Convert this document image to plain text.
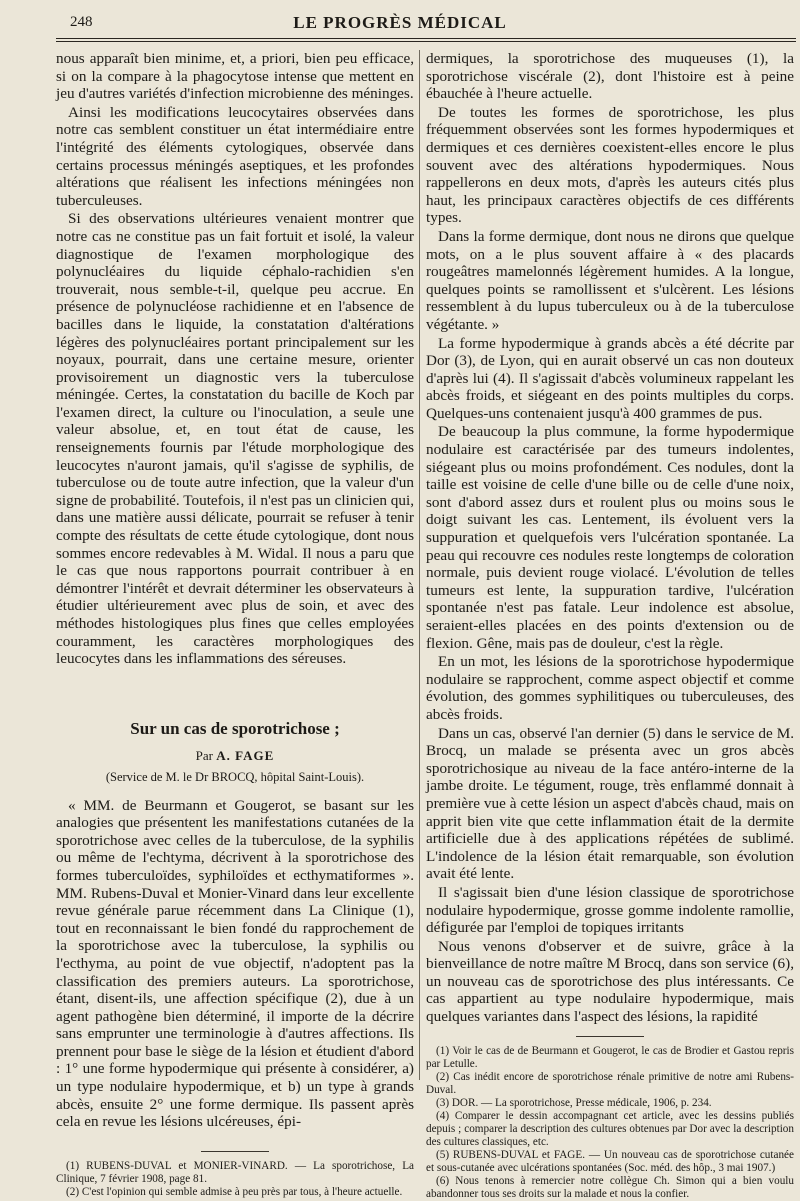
248	LE PROGRÈS MÉDICAL

nous apparaît bien minime, et, a priori, bien peu efficace, si on la compare à la phagocytose intense que mettent en jeu d'autres variétés d'infection microbienne des méninges.

Ainsi les modifications leucocytaires observées dans notre cas semblent constituer un état intermédiaire entre l'intégrité des éléments cytologiques, observée dans certains processus méningés aseptiques, et les profondes altérations que réalisent les infections méningées non tuberculeuses.

Si des observations ultérieures venaient montrer que notre cas ne constitue pas un fait fortuit et isolé, la valeur diagnostique de l'examen morphologique des polynucléaires du liquide céphalo-rachidien s'en trouverait, nous semble-t-il, quelque peu accrue. En présence de polynucléose rachidienne et en l'absence de bacilles dans le liquide, la constatation d'altérations légères des polynucléaires portant principalement sur les noyaux, pourrait, dans une certaine mesure, orienter provisoirement un diagnostic vers la tuberculose méningée. Certes, la constatation du bacille de Koch par l'examen direct, la culture ou l'inoculation, a seule une valeur absolue, et, en tout état de cause, les renseignements fournis par l'étude morphologique des leucocytes n'auront jamais, qu'il s'agisse de syphilis, de tuberculose ou de toute autre infection, que la valeur d'un signe de probabilité. Toutefois, il n'est pas un clinicien qui, dans une matière aussi délicate, pourrait se refuser à tenir compte des résultats de cette étude cytologique, dont nous sommes encore redevables à M. Widal. Il nous a paru que le cas que nous rapportons pourrait contribuer à en démontrer l'intérêt et devrait déterminer les observateurs à étudier ultérieurement avec plus de soin, et avec des méthodes histologiques plus fines que celles employées couramment, les caractères morphologiques des leucocytes dans les inflammations des séreuses.

Sur un cas de sporotrichose ;
Par A. FAGE
(Service de M. le Dr BROCQ, hôpital Saint-Louis).

« MM. de Beurmann et Gougerot, se basant sur les analogies que présentent les manifestations cutanées de la sporotrichose avec celles de la tuberculose, de la syphilis ou même de l'echtyma, décrivent à la sporotrichose des formes tuberculoïdes, syphiloïdes et ecthymatiformes ». MM. Rubens-Duval et Monier-Vinard dans leur excellente revue générale parue récemment dans La Clinique (1), tout en reconnaissant le bien fondé du rapprochement de la sporotrichose avec la tuberculose, la syphilis ou l'ecthyma, au point de vue objectif, n'adoptent pas la classification des premiers auteurs. La sporotrichose, étant, disent-ils, une affection spécifique (2), due à un agent pathogène bien déterminé, il importe de la décrire sans emprunter une terminologie à d'autres affections. Ils prennent pour base le siège de la lésion et étudient d'abord : 1° une forme hypodermique qui présente à considérer, a) un type nodulaire hypodermique, et b) un type à grands abcès, ensuite 2° une forme dermique. Ils passent après cela en revue les lésions ulcéreuses, épi-

(1) RUBENS-DUVAL et MONIER-VINARD. — La sporotrichose, La Clinique, 7 février 1908, page 81.

(2) C'est l'opinion qui semble admise à peu près par tous, à l'heure actuelle.

dermiques, la sporotrichose des muqueuses (1), la sporotrichose viscérale (2), dont l'histoire est à peine ébauchée à l'heure actuelle.

De toutes les formes de sporotrichose, les plus fréquemment observées sont les formes hypodermiques et dermiques et ces dernières coexistent-elles encore le plus souvent avec des altérations hypodermiques. Nous rappellerons en deux mots, d'après les auteurs cités plus haut, les principaux caractères objectifs de ces différents types.

Dans la forme dermique, dont nous ne dirons que quelque mots, on a le plus souvent affaire à « des placards rougeâtres mamelonnés légèrement humides. A la longue, quelques points se ramollissent et s'ulcèrent. Les lésions ressemblent à du lupus tuberculeux ou à de la tuberculose végétante. »

La forme hypodermique à grands abcès a été décrite par Dor (3), de Lyon, qui en aurait observé un cas non douteux d'après lui (4). Il s'agissait d'abcès volumineux rappelant les abcès froids, et siégeant en des points multiples du corps. Quelques-uns contenaient jusqu'à 400 grammes de pus.

De beaucoup la plus commune, la forme hypodermique nodulaire est caractérisée par des tumeurs indolentes, siégeant plus ou moins profondément. Ces nodules, dont la taille est voisine de celle d'une bille ou de celle d'une noix, sont d'abord assez durs et roulent plus ou moins sous le doigt suivant les cas. Lentement, ils évoluent vers la suppuration et quelquefois vers l'ulcération spontanée. La peau qui recouvre ces nodules reste longtemps de coloration normale, puis devient rouge violacé. L'évolution de telles tumeurs est lente, la suppuration tardive, l'ulcération spontanée n'est pas fatale. Leur indolence est absolue, seraient-elles placées en des points d'extension ou de flexion. Gêne, mais pas de douleur, c'est la règle.

En un mot, les lésions de la sporotrichose hypodermique nodulaire se rapprochent, comme aspect objectif et comme évolution, des gommes syphilitiques ou tuberculeuses, des abcès froids.

Dans un cas, observé l'an dernier (5) dans le service de M. Brocq, un malade se présenta avec un gros abcès sporotrichosique au niveau de la face antéro-interne de la jambe droite. Le tégument, rouge, très enflammé donnait à première vue à cette lésion un aspect d'abcès chaud, mais on apprit bien vite que cette inflammation était de la dermite artificielle due à des applications répétées de sublimé. L'indolence de la lésion était remarquable, son évolution avait été lente.

Il s'agissait bien d'une lésion classique de sporotrichose nodulaire hypodermique, grosse gomme indolente ramollie, défigurée par l'emploi de topiques irritants

Nous venons d'observer et de suivre, grâce à la bienveillance de notre maître M Brocq, dans son service (6), un nouveau cas de sporotrichose des plus intéressants. Ce cas appartient au type nodulaire hypodermique, mais quelques variantes dans l'aspect des lésions, la rapidité

(1) Voir le cas de de Beurmann et Gougerot, le cas de Brodier et Gastou repris par Letulle.

(2) Cas inédit encore de sporotrichose rénale primitive de notre ami Rubens-Duval.

(3) DOR. — La sporotrichose, Presse médicale, 1906, p. 234.

(4) Comparer le dessin accompagnant cet article, avec les dessins publiés depuis ; comparer la description des cultures obtenues par Dor avec la description des cultures classiques, etc.

(5) RUBENS-DUVAL et FAGE. — Un nouveau cas de sporotrichose cutanée et sous-cutanée avec ulcérations spontanées (Soc. méd. des hôp., 3 mai 1907.)

(6) Nous tenons à remercier notre collègue Ch. Simon qui a bien voulu abandonner tous ses droits sur la malade et nous la confier.
